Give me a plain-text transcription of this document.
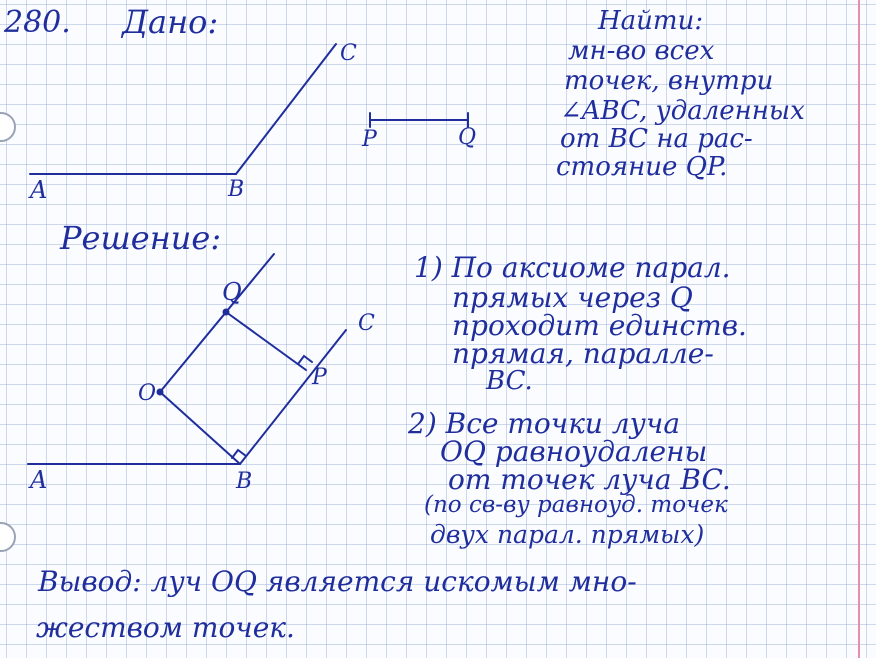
280. Дано:	Найти:
мн-во всех
точек, внутри
∠ABC, удаленных
от BC на рас-
стояние QP.
Решение:
1) По аксиоме парал.
прямых через Q
проходит единств.
прямая, паралле-
BC.
2) Все точки луча
OQ равноудалены
от точек луча BC.
(по св-ву равноуд. точек
двух парал. прямых)
Вывод: луч OQ является искомым мно-
жеством точек.
A	B
C
P	Q
Q
C
P
O
A	B
